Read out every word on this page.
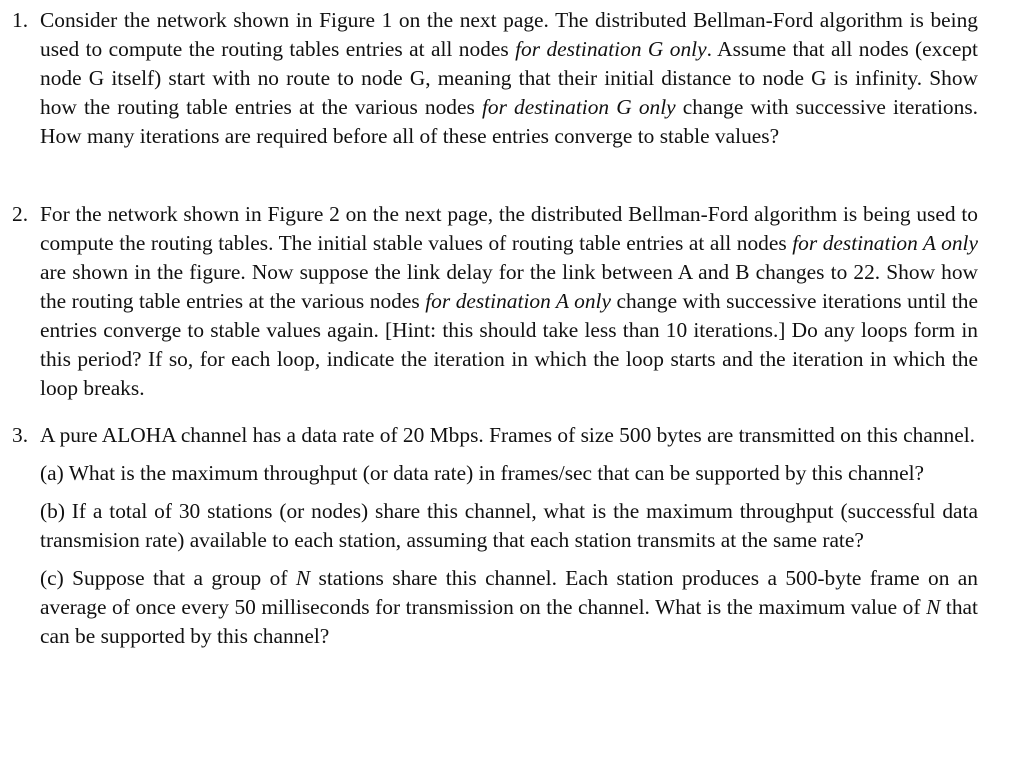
1. Consider the network shown in Figure 1 on the next page. The distributed Bellman-Ford algorithm is being used to compute the routing tables entries at all nodes for destination G only. Assume that all nodes (except node G itself) start with no route to node G, meaning that their initial distance to node G is infinity. Show how the routing table entries at the various nodes for destination G only change with successive iterations. How many iterations are required before all of these entries converge to stable values?

2. For the network shown in Figure 2 on the next page, the distributed Bellman-Ford algorithm is being used to compute the routing tables. The initial stable values of routing table entries at all nodes for destination A only are shown in the figure. Now suppose the link delay for the link between A and B changes to 22. Show how the routing table entries at the various nodes for destination A only change with successive iterations until the entries converge to stable values again. [Hint: this should take less than 10 iterations.] Do any loops form in this period? If so, for each loop, indicate the iteration in which the loop starts and the iteration in which the loop breaks.

3. A pure ALOHA channel has a data rate of 20 Mbps. Frames of size 500 bytes are transmitted on this channel.

(a) What is the maximum throughput (or data rate) in frames/sec that can be supported by this channel?

(b) If a total of 30 stations (or nodes) share this channel, what is the maximum throughput (successful data transmision rate) available to each station, assuming that each station transmits at the same rate?

(c) Suppose that a group of N stations share this channel. Each station produces a 500-byte frame on an average of once every 50 milliseconds for transmission on the channel. What is the maximum value of N that can be supported by this channel?
